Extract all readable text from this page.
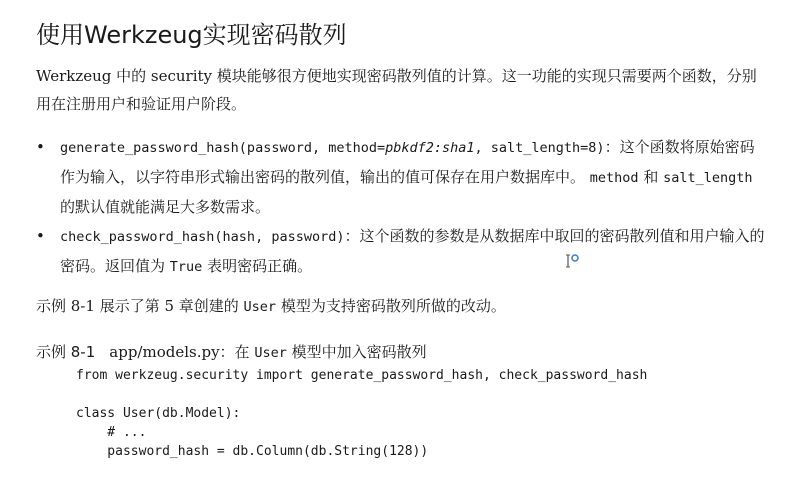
使用Werkzeug实现密码散列
Werkzeug 中的 security 模块能够很方便地实现密码散列值的计算。这一功能的实现只需要两个函数，分别用在注册用户和验证用户阶段。
• generate_password_hash(password, method=pbkdf2:sha1, salt_length=8)：这个函数将原始密码作为输入，以字符串形式输出密码的散列值，输出的值可保存在用户数据库中。 method 和 salt_length 的默认值就能满足大多数需求。
• check_password_hash(hash, password)：这个函数的参数是从数据库中取回的密码散列值和用户输入的密码。返回值为 True 表明密码正确。
示例 8-1 展示了第 5 章创建的 User 模型为支持密码散列所做的改动。
示例 8-1 app/models.py：在 User 模型中加入密码散列
from werkzeug.security import generate_password_hash, check_password_hash

class User(db.Model):
# ...
password_hash = db.Column(db.String(128))
